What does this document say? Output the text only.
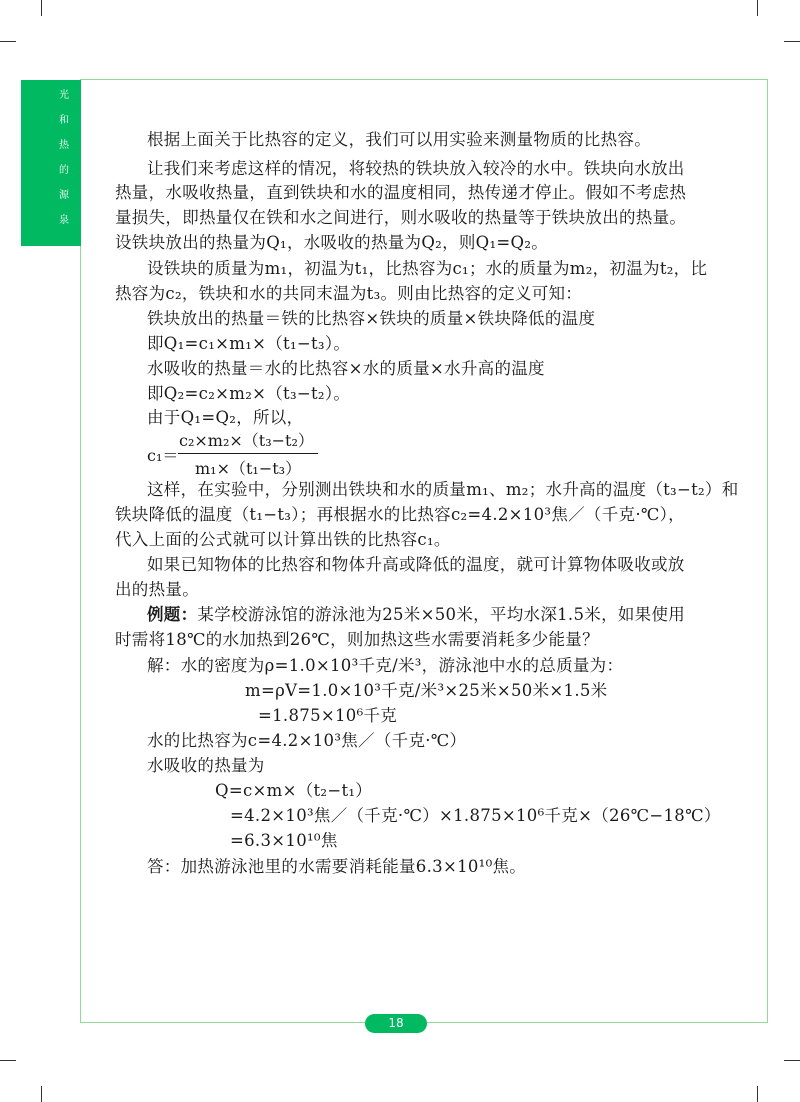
光
和
热
的
源
泉
根据上面关于比热容的定义，我们可以用实验来测量物质的比热容。
让我们来考虑这样的情况，将较热的铁块放入较冷的水中。铁块向水放出
热量，水吸收热量，直到铁块和水的温度相同，热传递才停止。假如不考虑热
量损失，即热量仅在铁和水之间进行，则水吸收的热量等于铁块放出的热量。
设铁块放出的热量为Q₁，水吸收的热量为Q₂，则Q₁=Q₂。
设铁块的质量为m₁，初温为t₁，比热容为c₁；水的质量为m₂，初温为t₂，比
热容为c₂，铁块和水的共同末温为t₃。则由比热容的定义可知：
铁块放出的热量＝铁的比热容×铁块的质量×铁块降低的温度
即Q₁=c₁×m₁×（t₁−t₃）。
水吸收的热量＝水的比热容×水的质量×水升高的温度
即Q₂=c₂×m₂×（t₃−t₂）。
由于Q₁=Q₂，所以，
c₁＝
c₂×m₂×（t₃−t₂）
m₁×（t₁−t₃）
这样，在实验中，分别测出铁块和水的质量m₁、m₂；水升高的温度（t₃−t₂）和
铁块降低的温度（t₁−t₃）；再根据水的比热容c₂=4.2×10³焦／（千克·℃），
代入上面的公式就可以计算出铁的比热容c₁。
如果已知物体的比热容和物体升高或降低的温度，就可计算物体吸收或放
出的热量。
例题：某学校游泳馆的游泳池为25米×50米，平均水深1.5米，如果使用
时需将18℃的水加热到26℃，则加热这些水需要消耗多少能量？
解：水的密度为ρ=1.0×10³千克/米³，游泳池中水的总质量为：
m=ρV=1.0×10³千克/米³×25米×50米×1.5米
=1.875×10⁶千克
水的比热容为c=4.2×10³焦／（千克·℃）
水吸收的热量为
Q=c×m×（t₂−t₁）
=4.2×10³焦／（千克·℃）×1.875×10⁶千克×（26℃−18℃）
=6.3×10¹⁰焦
答：加热游泳池里的水需要消耗能量6.3×10¹⁰焦。
18
